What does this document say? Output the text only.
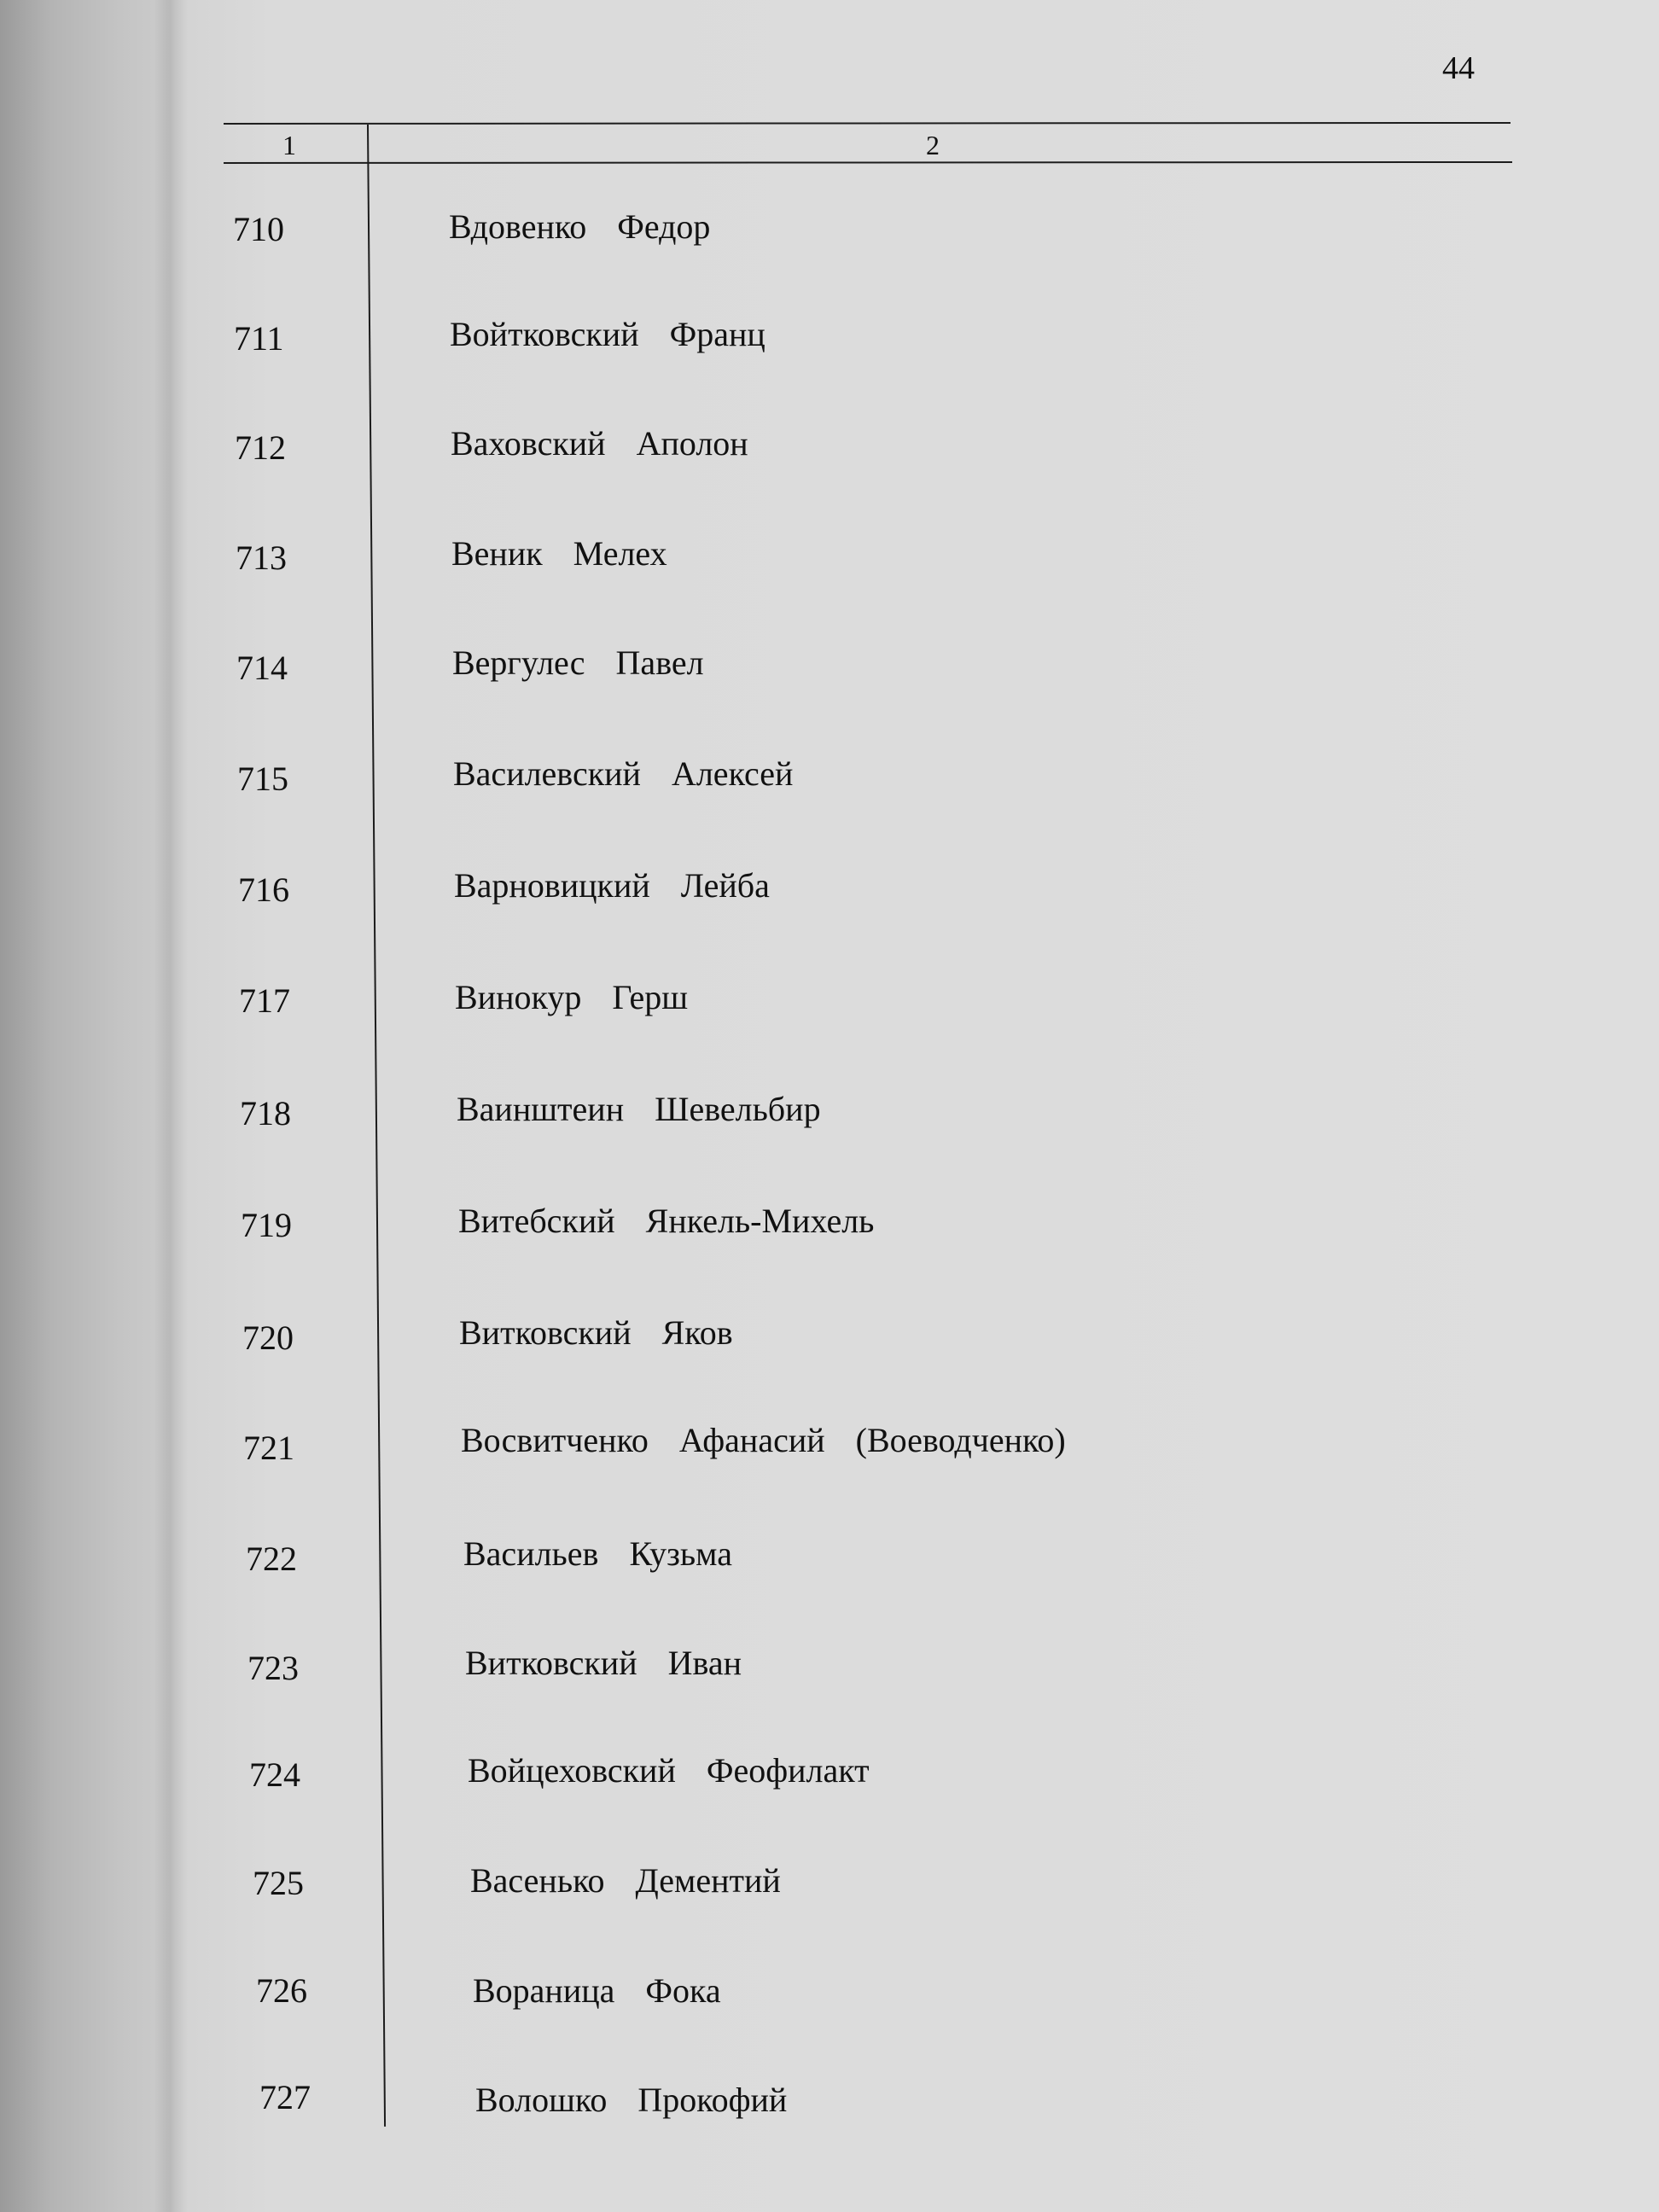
44
1	2
710	Вдовенко  Федор
711	Войтковский  Франц
712	Ваховский  Аполон
713	Веник  Мелех
714	Вергулес  Павел
715	Василевский  Алексей
716	Варновицкий  Лейба
717	Винокур  Герш
718	Ваинштеин  Шевельбир
719	Витебский  Янкель-Михель
720	Витковский  Яков
721	Восвитченко  Афанасий  (Воеводченко)
722	Васильев  Кузьма
723	Витковский  Иван
724	Войцеховский  Феофилакт
725	Васенько  Дементий
726	Вораница  Фока
727	Волошко  Прокофий
